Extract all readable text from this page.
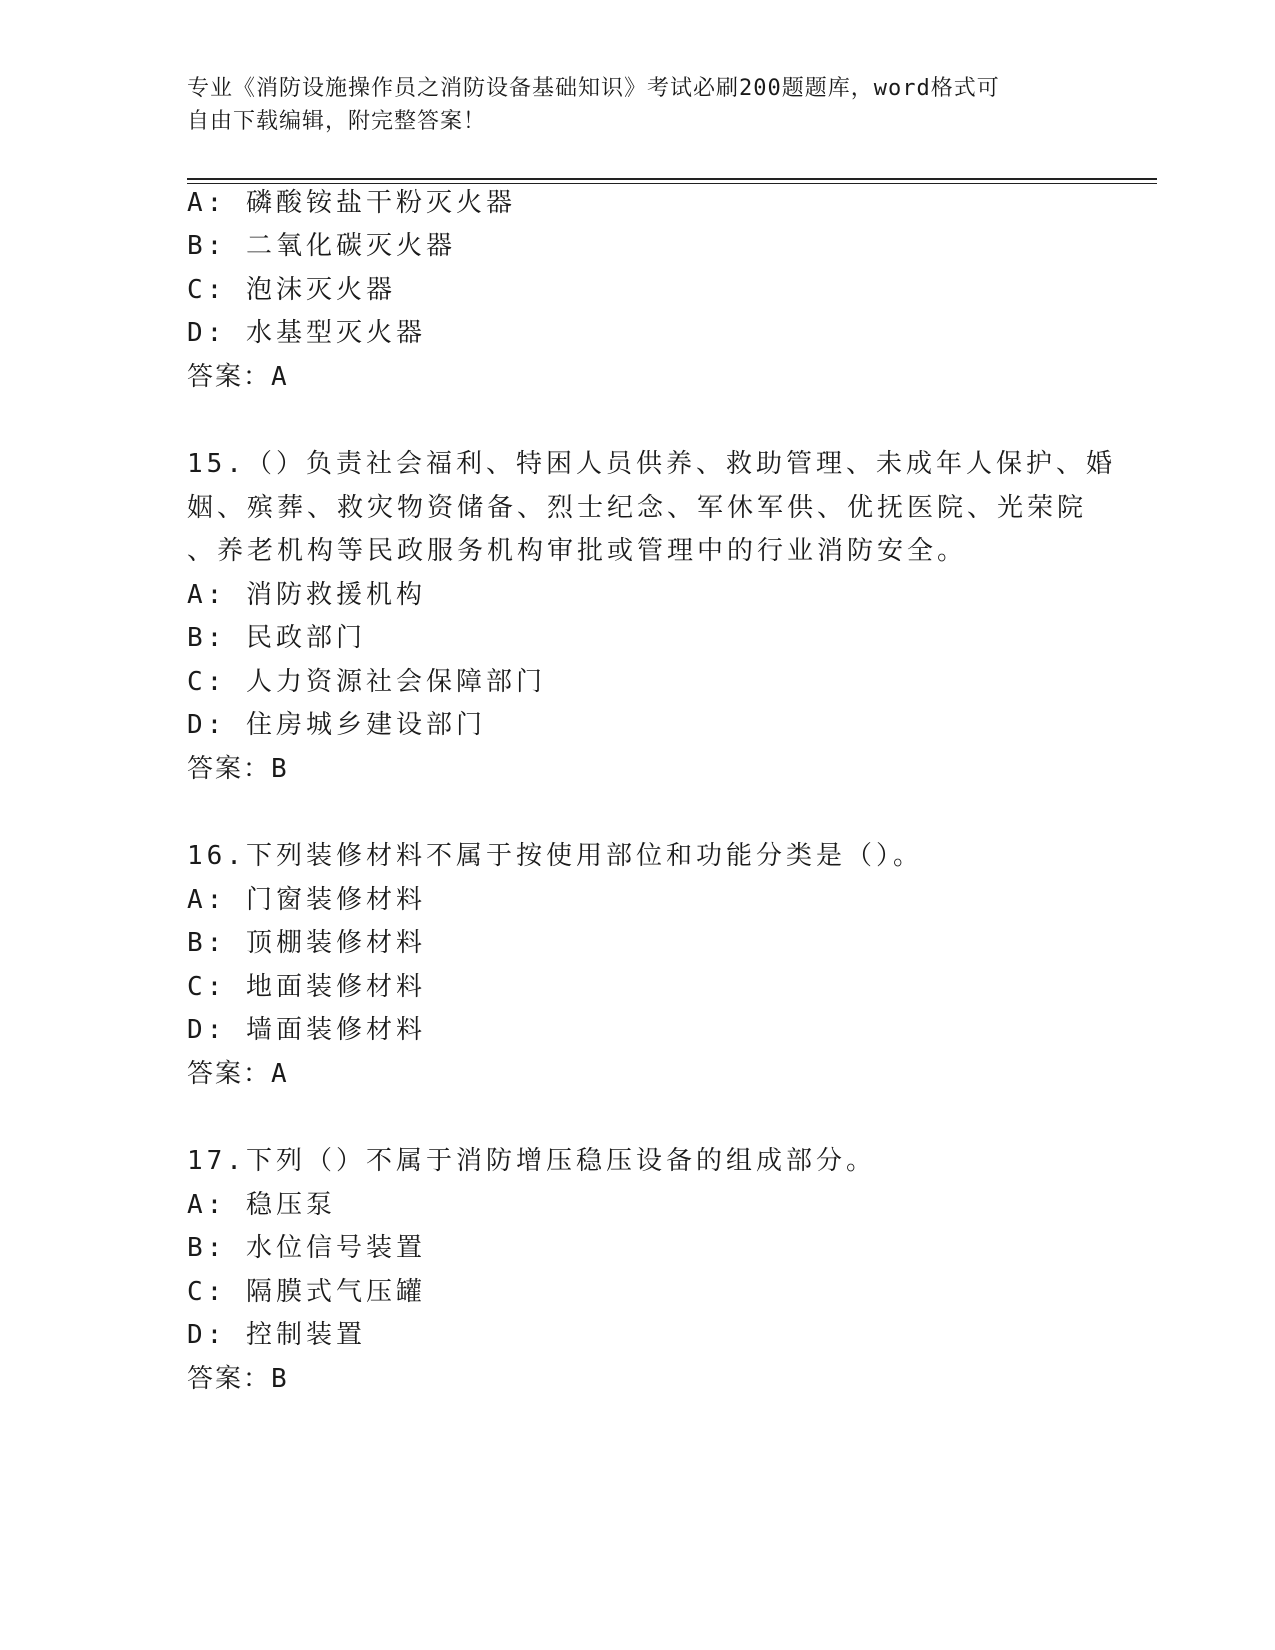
专业《消防设施操作员之消防设备基础知识》考试必刷200题题库，word格式可
自由下载编辑，附完整答案！
A: 磷酸铵盐干粉灭火器
B: 二氧化碳灭火器
C: 泡沫灭火器
D: 水基型灭火器
答案：A
15.（）负责社会福利、特困人员供养、救助管理、未成年人保护、婚
姻、殡葬、救灾物资储备、烈士纪念、军休军供、优抚医院、光荣院
、养老机构等民政服务机构审批或管理中的行业消防安全。
A: 消防救援机构
B: 民政部门
C: 人力资源社会保障部门
D: 住房城乡建设部门
答案：B
16.下列装修材料不属于按使用部位和功能分类是（）。
A: 门窗装修材料
B: 顶棚装修材料
C: 地面装修材料
D: 墙面装修材料
答案：A
17.下列（）不属于消防增压稳压设备的组成部分。
A: 稳压泵
B: 水位信号装置
C: 隔膜式气压罐
D: 控制装置
答案：B
